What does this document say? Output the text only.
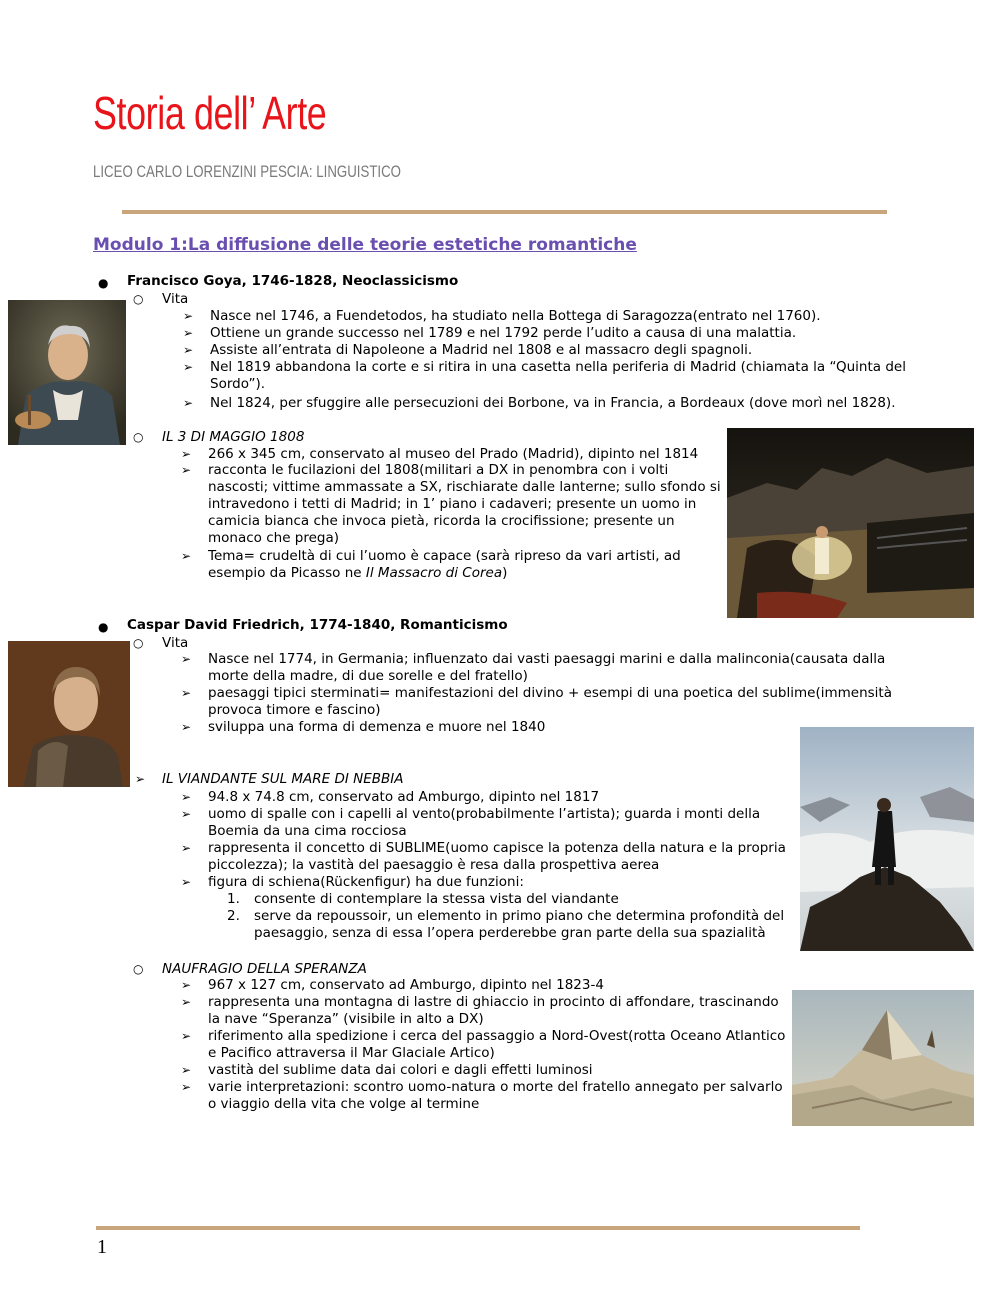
Storia dell’ Arte
LICEO CARLO LORENZINI PESCIA: LINGUISTICO
Modulo 1:La diffusione delle teorie estetiche romantiche
● Francisco Goya, 1746-1828, Neoclassicismo
○ Vita
➢ Nasce nel 1746, a Fuendetodos, ha studiato nella Bottega di Saragozza(entrato nel 1760).
➢ Ottiene un grande successo nel 1789 e nel 1792 perde l’udito a causa di una malattia.
➢ Assiste all’entrata di Napoleone a Madrid nel 1808 e al massacro degli spagnoli.
➢ Nel 1819 abbandona la corte e si ritira in una casetta nella periferia di Madrid (chiamata la “Quinta del
Sordo”).
➢ Nel 1824, per sfuggire alle persecuzioni dei Borbone, va in Francia, a Bordeaux (dove morì nel 1828).
○ IL 3 DI MAGGIO 1808
➢ 266 x 345 cm, conservato al museo del Prado (Madrid), dipinto nel 1814
➢ racconta le fucilazioni del 1808(militari a DX in penombra con i volti
nascosti; vittime ammassate a SX, rischiarate dalle lanterne; sullo sfondo si
intravedono i tetti di Madrid; in 1’ piano i cadaveri; presente un uomo in
camicia bianca che invoca pietà, ricorda la crocifissione; presente un
monaco che prega)
➢ Tema= crudeltà di cui l’uomo è capace (sarà ripreso da vari artisti, ad
esempio da Picasso ne Il Massacro di Corea)
● Caspar David Friedrich, 1774-1840, Romanticismo
○ Vita
➢ Nasce nel 1774, in Germania; influenzato dai vasti paesaggi marini e dalla malinconia(causata dalla
morte della madre, di due sorelle e del fratello)
➢ paesaggi tipici sterminati= manifestazioni del divino + esempi di una poetica del sublime(immensità
provoca timore e fascino)
➢ sviluppa una forma di demenza e muore nel 1840
➢ IL VIANDANTE SUL MARE DI NEBBIA
➢ 94.8 x 74.8 cm, conservato ad Amburgo, dipinto nel 1817
➢ uomo di spalle con i capelli al vento(probabilmente l’artista); guarda i monti della
Boemia da una cima rocciosa
➢ rappresenta il concetto di SUBLIME(uomo capisce la potenza della natura e la propria
piccolezza); la vastità del paesaggio è resa dalla prospettiva aerea
➢ figura di schiena(Rückenfigur) ha due funzioni:
1. consente di contemplare la stessa vista del viandante
2. serve da repoussoir, un elemento in primo piano che determina profondità del
paesaggio, senza di essa l’opera perderebbe gran parte della sua spazialità
○ NAUFRAGIO DELLA SPERANZA
➢ 967 x 127 cm, conservato ad Amburgo, dipinto nel 1823-4
➢ rappresenta una montagna di lastre di ghiaccio in procinto di affondare, trascinando
la nave “Speranza” (visibile in alto a DX)
➢ riferimento alla spedizione i cerca del passaggio a Nord-Ovest(rotta Oceano Atlantico
e Pacifico attraversa il Mar Glaciale Artico)
➢ vastità del sublime data dai colori e dagli effetti luminosi
➢ varie interpretazioni: scontro uomo-natura o morte del fratello annegato per salvarlo
o viaggio della vita che volge al termine
1
